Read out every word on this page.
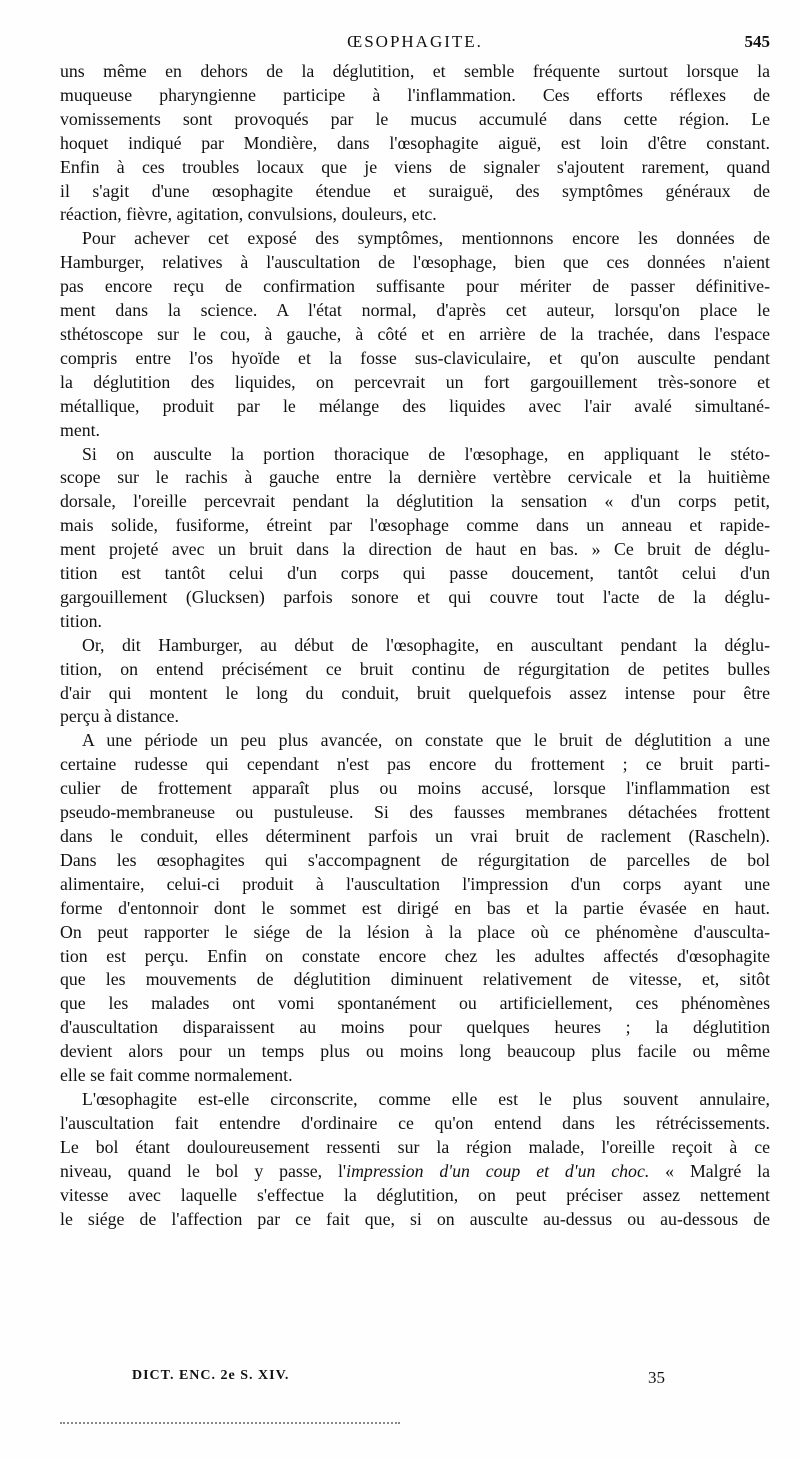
ŒSOPHAGITE.	545

uns même en dehors de la déglutition, et semble fréquente surtout lorsque la
muqueuse pharyngienne participe à l'inflammation. Ces efforts réflexes de
vomissements sont provoqués par le mucus accumulé dans cette région. Le
hoquet indiqué par Mondière, dans l'œsophagite aiguë, est loin d'être constant.
Enfin à ces troubles locaux que je viens de signaler s'ajoutent rarement, quand
il s'agit d'une œsophagite étendue et suraiguë, des symptômes généraux de
réaction, fièvre, agitation, convulsions, douleurs, etc.

Pour achever cet exposé des symptômes, mentionnons encore les données de
Hamburger, relatives à l'auscultation de l'œsophage, bien que ces données n'aient
pas encore reçu de confirmation suffisante pour mériter de passer définitive-
ment dans la science. A l'état normal, d'après cet auteur, lorsqu'on place le
sthétoscope sur le cou, à gauche, à côté et en arrière de la trachée, dans l'espace
compris entre l'os hyoïde et la fosse sus-claviculaire, et qu'on ausculte pendant
la déglutition des liquides, on percevrait un fort gargouillement très-sonore et
métallique, produit par le mélange des liquides avec l'air avalé simultané-
ment.

Si on ausculte la portion thoracique de l'œsophage, en appliquant le stéto-
scope sur le rachis à gauche entre la dernière vertèbre cervicale et la huitième
dorsale, l'oreille percevrait pendant la déglutition la sensation « d'un corps petit,
mais solide, fusiforme, étreint par l'œsophage comme dans un anneau et rapide-
ment projeté avec un bruit dans la direction de haut en bas. » Ce bruit de déglu-
tition est tantôt celui d'un corps qui passe doucement, tantôt celui d'un
gargouillement (Glucksen) parfois sonore et qui couvre tout l'acte de la déglu-
tition.

Or, dit Hamburger, au début de l'œsophagite, en auscultant pendant la déglu-
tition, on entend précisément ce bruit continu de régurgitation de petites bulles
d'air qui montent le long du conduit, bruit quelquefois assez intense pour être
perçu à distance.

A une période un peu plus avancée, on constate que le bruit de déglutition a une
certaine rudesse qui cependant n'est pas encore du frottement ; ce bruit parti-
culier de frottement apparaît plus ou moins accusé, lorsque l'inflammation est
pseudo-membraneuse ou pustuleuse. Si des fausses membranes détachées frottent
dans le conduit, elles déterminent parfois un vrai bruit de raclement (Rascheln).
Dans les œsophagites qui s'accompagnent de régurgitation de parcelles de bol
alimentaire, celui-ci produit à l'auscultation l'impression d'un corps ayant une
forme d'entonnoir dont le sommet est dirigé en bas et la partie évasée en haut.
On peut rapporter le siége de la lésion à la place où ce phénomène d'ausculta-
tion est perçu. Enfin on constate encore chez les adultes affectés d'œsophagite
que les mouvements de déglutition diminuent relativement de vitesse, et, sitôt
que les malades ont vomi spontanément ou artificiellement, ces phénomènes
d'auscultation disparaissent au moins pour quelques heures ; la déglutition
devient alors pour un temps plus ou moins long beaucoup plus facile ou même
elle se fait comme normalement.

L'œsophagite est-elle circonscrite, comme elle est le plus souvent annulaire,
l'auscultation fait entendre d'ordinaire ce qu'on entend dans les rétrécissements.
Le bol étant douloureusement ressenti sur la région malade, l'oreille reçoit à ce
niveau, quand le bol y passe, l'impression d'un coup et d'un choc. « Malgré la
vitesse avec laquelle s'effectue la déglutition, on peut préciser assez nettement
le siége de l'affection par ce fait que, si on ausculte au-dessus ou au-dessous de

DICT. ENC. 2e S. XIV.	35
